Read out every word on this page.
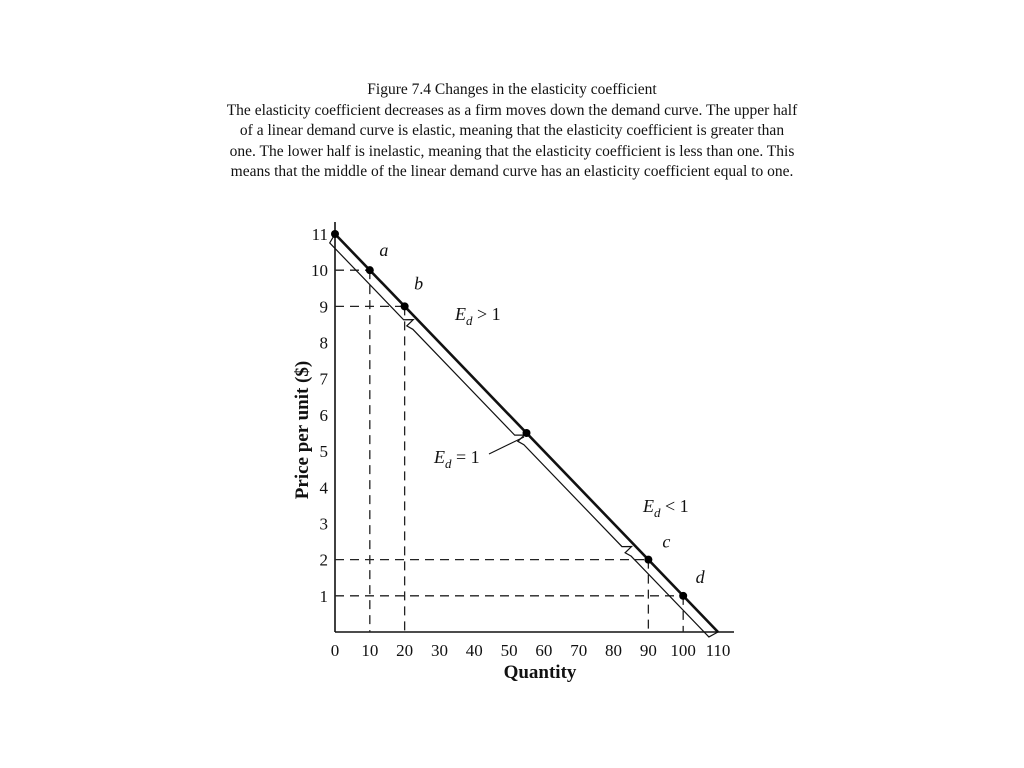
Figure 7.4 Changes in the elasticity coefficient
The elasticity coefficient decreases as a firm moves down the demand curve. The upper half
of a linear demand curve is elastic, meaning that the elasticity coefficient is greater than
one. The lower half is inelastic, meaning that the elasticity coefficient is less than one. This
means that the middle of the linear demand curve has an elasticity coefficient equal to one.
0 10 20 30 40 50 60 70 80 90 100 110
1
2
3
4
5
6
7
8
9
10
11
Quantity
Price per unit ($)
a
b
c
d
$E_d > 1$
$E_d = 1$
$E_d < 1$
